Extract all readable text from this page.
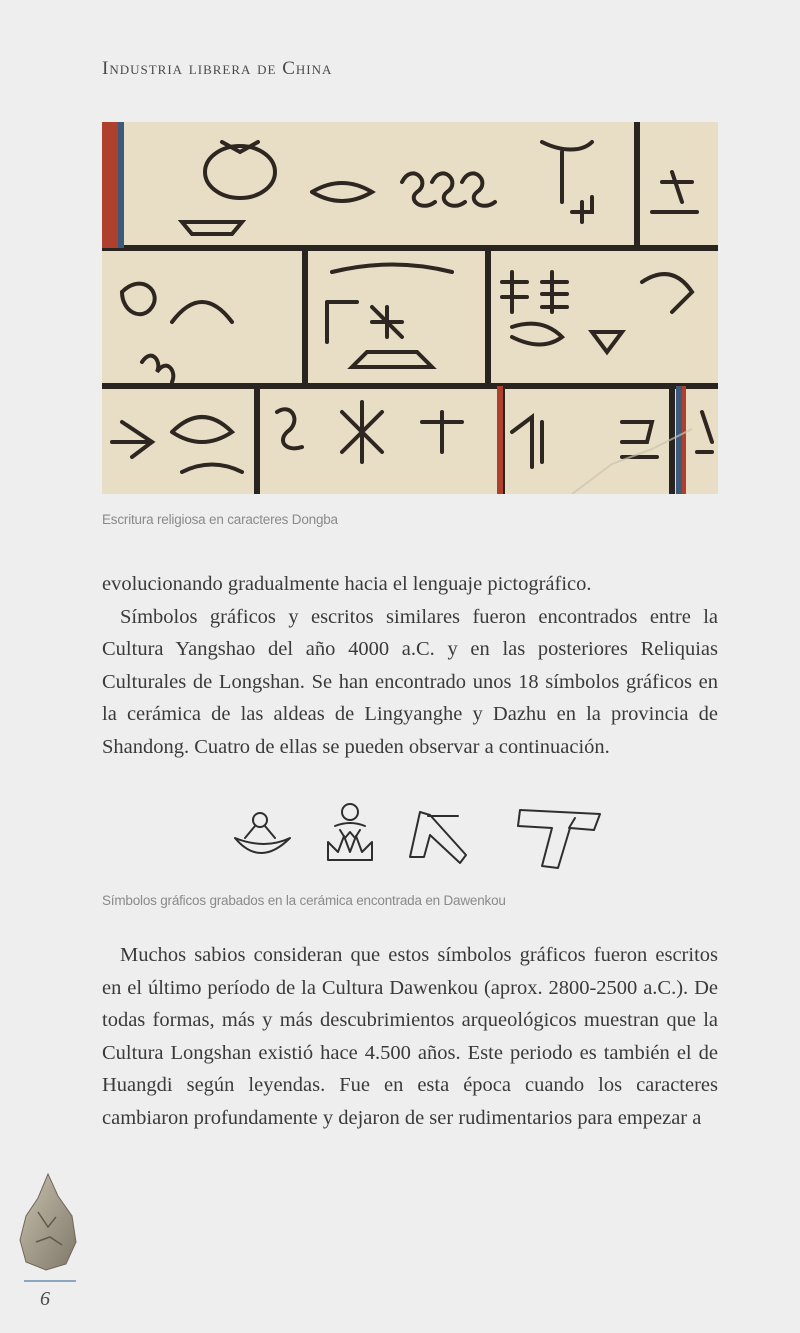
Industria librera de China
Escritura religiosa en caracteres Dongba

evolucionando gradualmente hacia el lenguaje pictográfico.

Símbolos gráficos y escritos similares fueron encontrados entre la Cultura Yangshao del año 4000 a.C. y en las posteriores Reliquias Culturales de Longshan. Se han encontrado unos 18 símbolos gráficos en la cerámica de las aldeas de Lingyanghe y Dazhu en la provincia de Shandong. Cuatro de ellas se pueden observar a continuación.

Símbolos gráficos grabados en la cerámica encontrada en Dawenkou

Muchos sabios consideran que estos símbolos gráficos fueron escritos en el último período de la Cultura Dawenkou (aprox. 2800-2500 a.C.). De todas formas, más y más descubrimientos arqueológicos muestran que la Cultura Longshan existió hace 4.500 años. Este periodo es también el de Huangdi según leyendas. Fue en esta época cuando los caracteres cambiaron profundamente y dejaron de ser rudimentarios para empezar a

6
